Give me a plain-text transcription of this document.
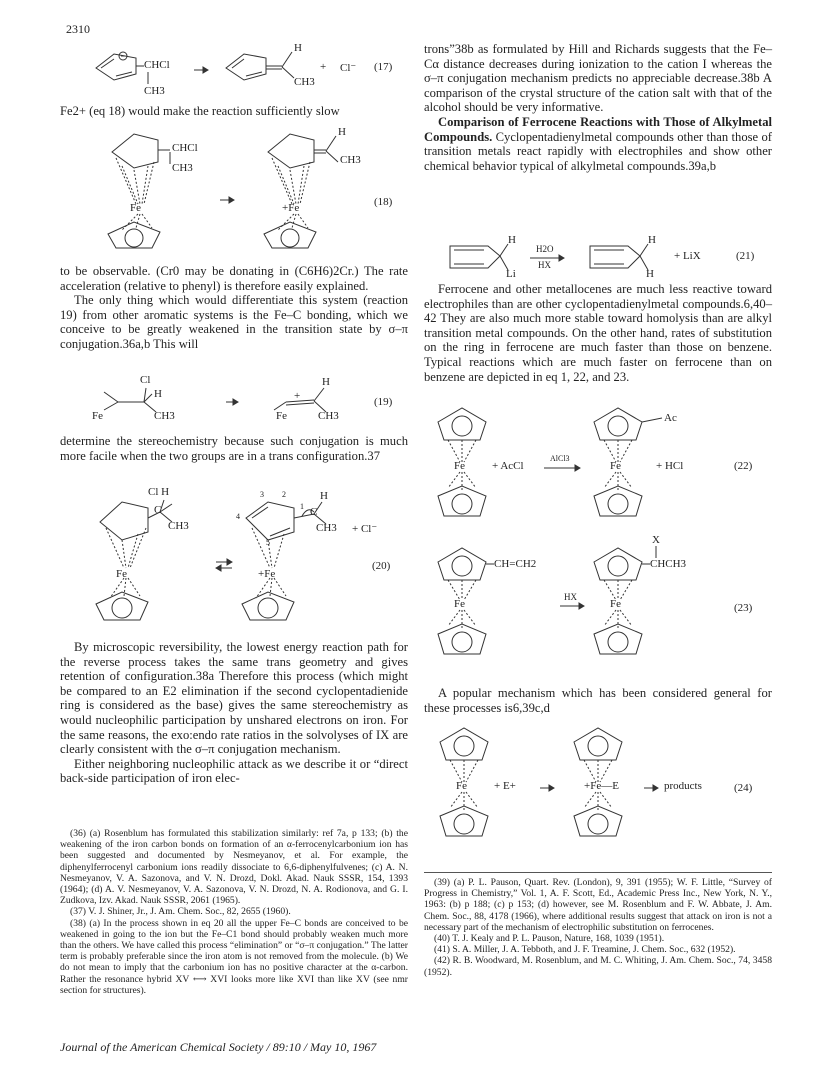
2310
CHCl
CH3
H
CH3
+ Cl⁻ (17)

Fe2+ (eq 18) would make the reaction sufficiently slow

CHCl
CH3
Fe
H
CH3
+Fe	(18)

to be observable. (Cr0 may be donating in (C6H6)2Cr.) The rate acceleration (relative to phenyl) is therefore easily explained.

The only thing which would differentiate this system (reaction 19) from other aromatic systems is the Fe–C bonding, which we conceive to be greatly weakened in the transition state by σ–π conjugation.36a,b This will

Cl
H
Fe	CH3
H
+
Fe	CH3
(19)

determine the stereochemistry because such conjugation is much more facile when the two groups are in a trans configuration.37

Cl H
C
CH3
Fe
3 2
4
5
1
H
C
CH3 + Cl⁻
+Fe
(20)

By microscopic reversibility, the lowest energy reaction path for the reverse process takes the same trans geometry and gives retention of configuration.38a Therefore this process (which might be compared to an E2 elimination if the second cyclopentadienide ring is considered as the base) gives the same stereochemistry as would nucleophilic participation by unshared electrons on iron. For the same reasons, the exo:endo rate ratios in the solvolyses of IX are clearly consistent with the σ–π conjugation mechanism.

Either neighboring nucleophilic attack as we describe it or “direct back-side participation of iron elec-

(36) (a) Rosenblum has formulated this stabilization similarly: ref 7a, p 133; (b) the weakening of the iron carbon bonds on formation of an α-ferrocenylcarbonium ion has been suggested and documented by Nesmeyanov, et al. For example, the diphenylferrocenyl carbonium ions readily dissociate to 6,6-diphenylfulvenes; (c) A. N. Nesmeyanov, V. A. Sazonova, and V. N. Drozd, Dokl. Akad. Nauk SSSR, 154, 1393 (1964); (d) A. V. Nesmeyanov, V. A. Sazonova, V. N. Drozd, N. A. Rodionova, and G. I. Zudkova, Izv. Akad. Nauk SSSR, 2061 (1965).

(37) V. J. Shiner, Jr., J. Am. Chem. Soc., 82, 2655 (1960).

(38) (a) In the process shown in eq 20 all the upper Fe–C bonds are conceived to be weakened in going to the ion but the Fe–C1 bond should probably weaken much more than the others. We have called this process “elimination” or “σ–π conjugation.” The latter term is probably preferable since the iron atom is not removed from the molecule. (b) We do not mean to imply that the carbonium ion has no positive character at the α-carbon. Rather the resonance hybrid XV ⟷ XVI looks more like XVI than like XV (see nmr section for structures).

trons”38b as formulated by Hill and Richards suggests that the Fe–Cα distance decreases during ionization to the cation I whereas the σ–π conjugation mechanism predicts no appreciable decrease.38b A comparison of the crystal structure of the cation salt with that of the alcohol should be very informative.

Comparison of Ferrocene Reactions with Those of Alkylmetal Compounds. Cyclopentadienylmetal compounds other than those of transition metals react rapidly with electrophiles and show other chemical behavior typical of alkylmetal compounds.39a,b

H
Li
H2O
HX
H
H
+ LiX	(21)

Ferrocene and other metallocenes are much less reactive toward electrophiles than are other cyclopentadienylmetal compounds.6,40–42 They are also much more stable toward homolysis than are alkyl transition metal compounds. On the other hand, rates of substitution on the ring in ferrocene are much faster than those on benzene. Typical reactions which are much faster on ferrocene than on benzene are depicted in eq 1, 22, and 23.

Fe + AcCl
AlCl3
Ac
Fe	+ HCl	(22)
CH=CH2
Fe
HX
X
CHCH3
Fe	(23)

A popular mechanism which has been considered general for these processes is6,39c,d

Fe + E+	+Fe—E	products	(24)

(39) (a) P. L. Pauson, Quart. Rev. (London), 9, 391 (1955); W. F. Little, “Survey of Progress in Chemistry,” Vol. 1, A. F. Scott, Ed., Academic Press Inc., New York, N. Y., 1963: (b) p 188; (c) p 153; (d) however, see M. Rosenblum and F. W. Abbate, J. Am. Chem. Soc., 88, 4178 (1966), where additional results suggest that attack on iron is not a necessary part of the mechanism of electrophilic substitution on ferrocenes.

(40) T. J. Kealy and P. L. Pauson, Nature, 168, 1039 (1951).

(41) S. A. Miller, J. A. Tebboth, and J. F. Treamine, J. Chem. Soc., 632 (1952).

(42) R. B. Woodward, M. Rosenblum, and M. C. Whiting, J. Am. Chem. Soc., 74, 3458 (1952).

Journal of the American Chemical Society / 89:10 / May 10, 1967
